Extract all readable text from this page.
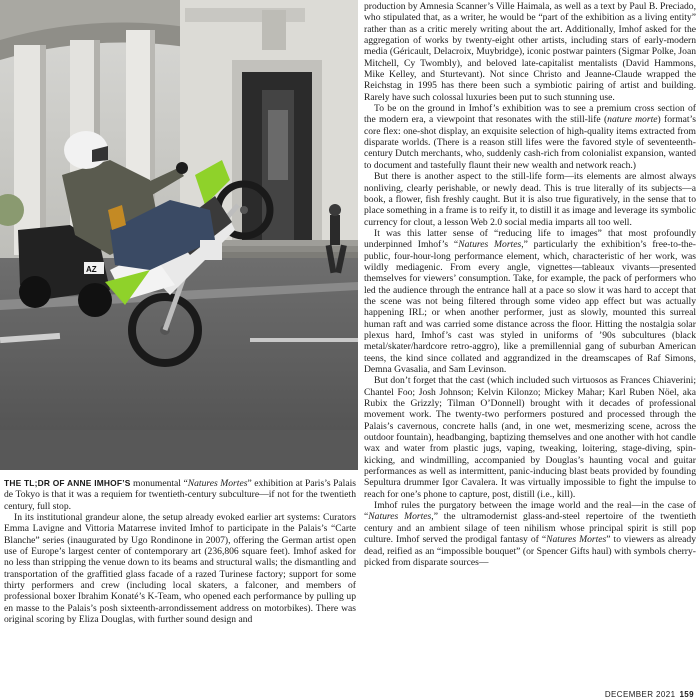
AZ

THE TL;DR OF ANNE IMHOF’S monumental “Natures Mortes” exhibition at Paris’s Palais de Tokyo is that it was a requiem for twentieth-century subculture—if not for the twentieth century, full stop.

In its institutional grandeur alone, the setup already evoked earlier art systems: Curators Emma Lavigne and Vittoria Matarrese invited Imhof to participate in the Palais’s “Carte Blanche” series (inaugurated by Ugo Rondinone in 2007), offering the German artist open use of Europe’s largest center of contemporary art (236,806 square feet). Imhof asked for no less than stripping the venue down to its beams and structural walls; the dismantling and transportation of the graffitied glass facade of a razed Turinese factory; support for some thirty performers and crew (including local skaters, a falconer, and members of professional boxer Ibrahim Konaté’s K-Team, who opened each performance by pulling up en masse to the Palais’s posh sixteenth-arrondissement address on motorbikes). There was original scoring by Eliza Douglas, with further sound design and

production by Amnesia Scanner’s Ville Haimala, as well as a text by Paul B. Preciado, who stipulated that, as a writer, he would be “part of the exhibition as a living entity” rather than as a critic merely writing about the art. Additionally, Imhof asked for the aggregation of works by twenty-eight other artists, including stars of early-modern media (Géricault, Delacroix, Muybridge), iconic postwar painters (Sigmar Polke, Joan Mitchell, Cy Twombly), and beloved late-capitalist mentalists (David Hammons, Mike Kelley, and Sturtevant). Not since Christo and Jeanne-Claude wrapped the Reichstag in 1995 has there been such a symbiotic pairing of artist and building. Rarely have such colossal luxuries been put to such stunning use.

To be on the ground in Imhof’s exhibition was to see a premium cross section of the modern era, a viewpoint that resonates with the still-life (nature morte) format’s core flex: one-shot display, an exquisite selection of high-quality items extracted from disparate worlds. (There is a reason still lifes were the favored style of seventeenth-century Dutch merchants, who, suddenly cash-rich from colonialist expansion, wanted to document and tastefully flaunt their new wealth and network reach.)

But there is another aspect to the still-life form—its elements are almost always nonliving, clearly perishable, or newly dead. This is true literally of its subjects—a book, a flower, fish freshly caught. But it is also true figuratively, in the sense that to place something in a frame is to reify it, to distill it as image and leverage its symbolic currency for clout, a lesson Web 2.0 social media imparts all too well.

It was this latter sense of “reducing life to images” that most profoundly underpinned Imhof’s “Natures Mortes,” particularly the exhibition’s free-to-the-public, four-hour-long performance element, which, characteristic of her work, was wildly mediagenic. From every angle, vignettes—tableaux vivants—presented themselves for viewers’ consumption. Take, for example, the pack of performers who led the audience through the entrance hall at a pace so slow it was hard to accept that the scene was not being filtered through some video app effect but was actually happening IRL; or when another performer, just as slowly, mounted this surreal human raft and was carried some distance across the floor. Hitting the nostalgia solar plexus hard, Imhof’s cast was styled in uniforms of ’90s subcultures (black metal/skater/hardcore retro-aggro), like a premillennial gang of suburban American teens, the kind since collated and aggrandized in the dreamscapes of Raf Simons, Demna Gvasalia, and Sam Levinson.

But don’t forget that the cast (which included such virtuosos as Frances Chiaverini; Chantel Foo; Josh Johnson; Kelvin Kilonzo; Mickey Mahar; Karl Ruben Nöel, aka Rubix the Grizzly; Tilman O’Donnell) brought with it decades of professional movement work. The twenty-two performers postured and processed through the Palais’s cavernous, concrete halls (and, in one wet, mesmerizing scene, across the outdoor fountain), headbanging, baptizing themselves and one another with hot candle wax and water from plastic jugs, vaping, tweaking, loitering, stage-diving, spin-kicking, and windmilling, accompanied by Douglas’s haunting vocal and guitar performances as well as intermittent, panic-inducing blast beats provided by founding Sepultura drummer Igor Cavalera. It was virtually impossible to fight the impulse to reach for one’s phone to capture, post, distill (i.e., kill).

Imhof rules the purgatory between the image world and the real—in the case of “Natures Mortes,” the ultramodernist glass-and-steel repertoire of the twentieth century and an ambient silage of teen nihilism whose principal spirit is still pop culture. Imhof served the prodigal fantasy of “Natures Mortes” to viewers as already dead, reified as an “impossible bouquet” (or Spencer Gifts haul) with symbols cherry-picked from disparate sources—

DECEMBER 2021 159
